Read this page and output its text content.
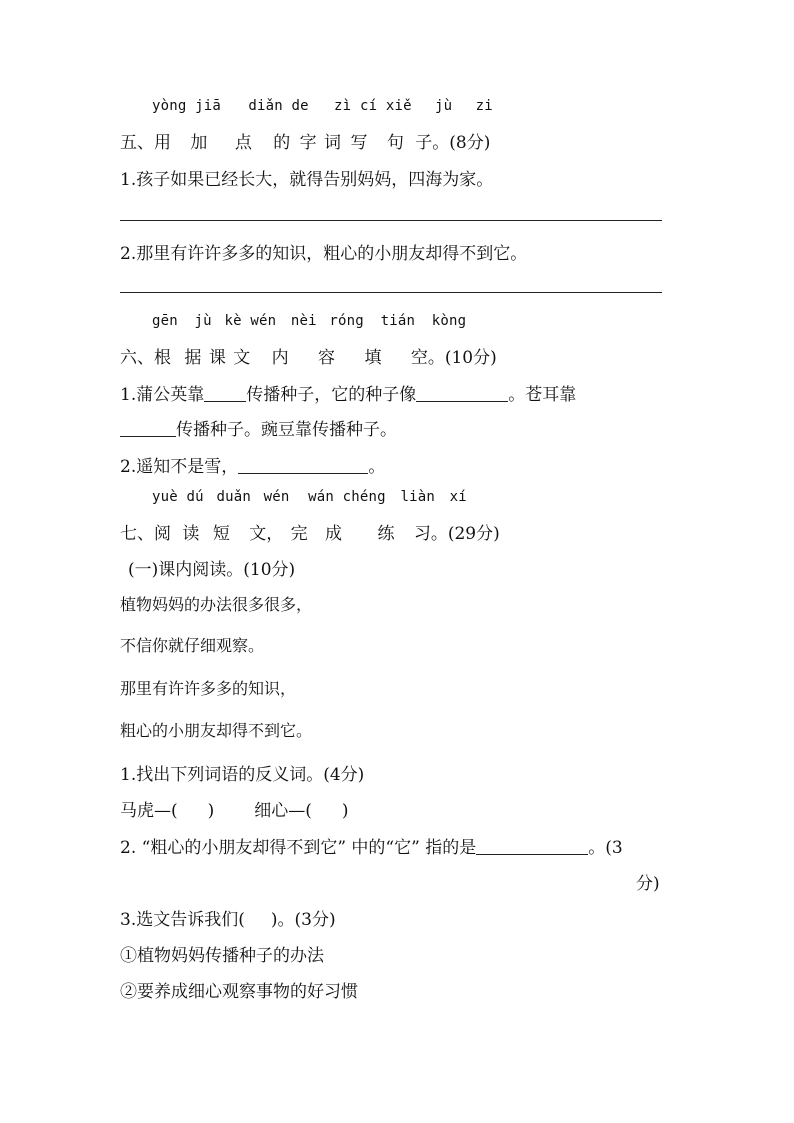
yòng jiā diǎn de zì cí xiě jù zi
五、用 加 点 的 字 词 写 句 子。(8分)
1.孩子如果已经长大，就得告别妈妈，四海为家。
2.那里有许许多多的知识，粗心的小朋友却得不到它。
gēn jù kè wén nèi róng tián kòng
六、根 据 课 文 内 容 填 空。(10分)
1.蒲公英靠 传播种子，它的种子像	。苍耳靠
传播种子。豌豆靠传播种子。
2.遥知不是雪，	。
yuè dú duǎn wén wán chéng liàn xí
七、阅 读 短 文， 完 成 练 习。(29分)
(一)课内阅读。(10分)
植物妈妈的办法很多很多，
不信你就仔细观察。
那里有许许多多的知识，
粗心的小朋友却得不到它。
1.找出下列词语的反义词。(4分)
马虎—( ) 细心—( )
2. “粗心的小朋友却得不到它” 中的“它” 指的是	。(3
分)
3.选文告诉我们( )。(3分)
①植物妈妈传播种子的办法
②要养成细心观察事物的好习惯
